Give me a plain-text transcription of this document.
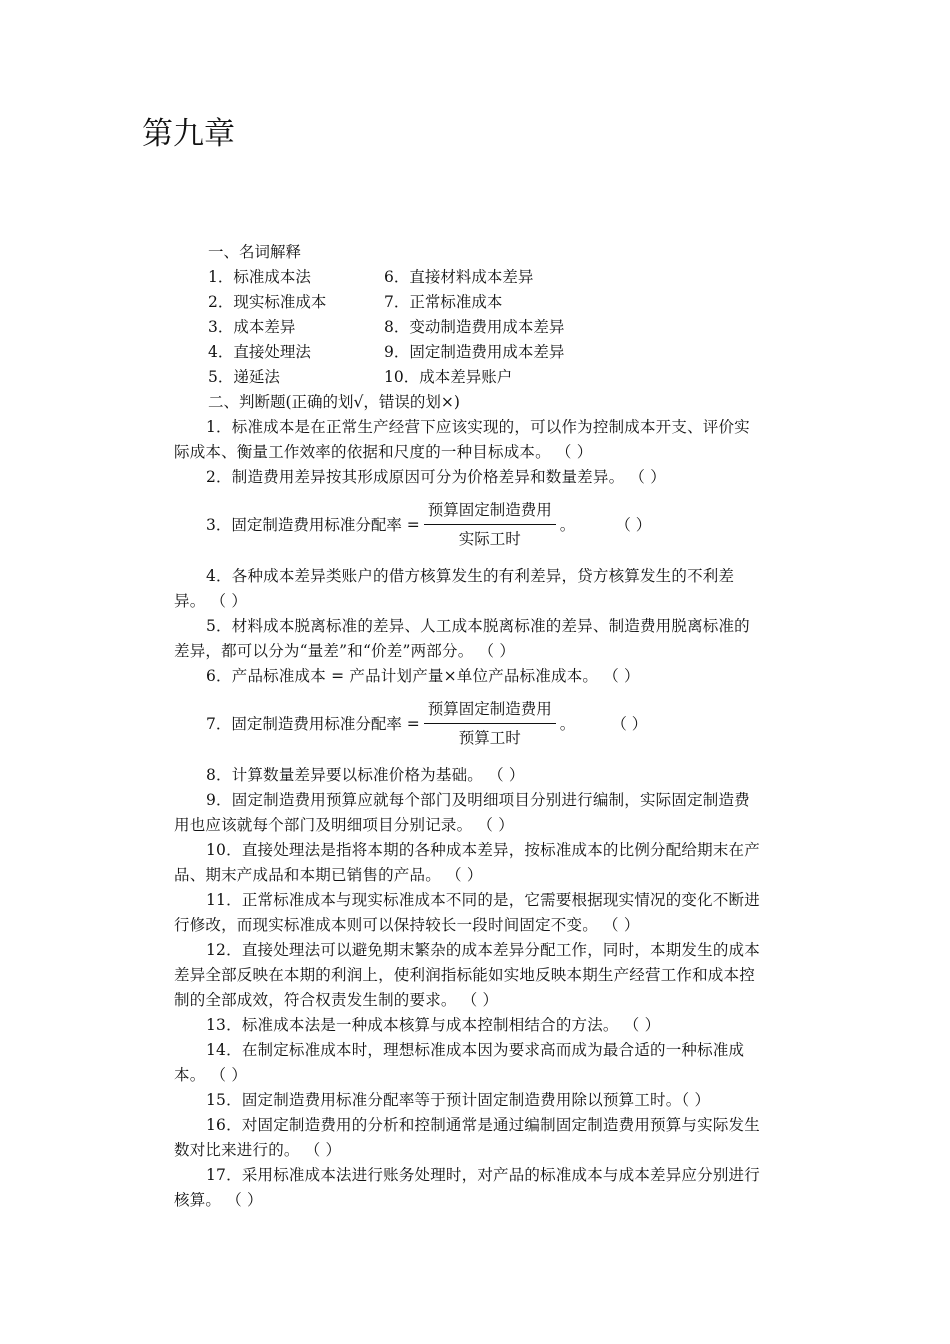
第九章
一、名词解释
1．标准成本法	6．直接材料成本差异
2．现实标准成本	7．正常标准成本
3．成本差异	8．变动制造费用成本差异
4．直接处理法	9．固定制造费用成本差异
5．递延法	10．成本差异账户
二、判断题(正确的划√，错误的划×)
1．标准成本是在正常生产经营下应该实现的，可以作为控制成本开支、评价实际成本、衡量工作效率的依据和尺度的一种目标成本。 （ ）
2．制造费用差异按其形成原因可分为价格差异和数量差异。 （ ）
3．固定制造费用标准分配率 = $\frac{\text{预算固定制造费用}}{\text{实际工时}}$ 。	（ ）
4．各种成本差异类账户的借方核算发生的有利差异，贷方核算发生的不利差异。 （ ）
5．材料成本脱离标准的差异、人工成本脱离标准的差异、制造费用脱离标准的差异，都可以分为“量差”和“价差”两部分。 （ ）
6．产品标准成本 = 产品计划产量×单位产品标准成本。 （ ）
7．固定制造费用标准分配率 = $\frac{\text{预算固定制造费用}}{\text{预算工时}}$ 。 （ ）
8．计算数量差异要以标准价格为基础。 （ ）
9．固定制造费用预算应就每个部门及明细项目分别进行编制，实际固定制造费用也应该就每个部门及明细项目分别记录。 （ ）
10．直接处理法是指将本期的各种成本差异，按标准成本的比例分配给期末在产品、期末产成品和本期已销售的产品。 （ ）
11．正常标准成本与现实标准成本不同的是，它需要根据现实情况的变化不断进行修改，而现实标准成本则可以保持较长一段时间固定不变。 （ ）
12．直接处理法可以避免期末繁杂的成本差异分配工作，同时，本期发生的成本差异全部反映在本期的利润上，使利润指标能如实地反映本期生产经营工作和成本控制的全部成效，符合权责发生制的要求。 （ ）
13．标准成本法是一种成本核算与成本控制相结合的方法。 （ ）
14．在制定标准成本时，理想标准成本因为要求高而成为最合适的一种标准成本。 （ ）
15．固定制造费用标准分配率等于预计固定制造费用除以预算工时。（ ）
16．对固定制造费用的分析和控制通常是通过编制固定制造费用预算与实际发生数对比来进行的。 （ ）
17．采用标准成本法进行账务处理时，对产品的标准成本与成本差异应分别进行核算。 （ ）
